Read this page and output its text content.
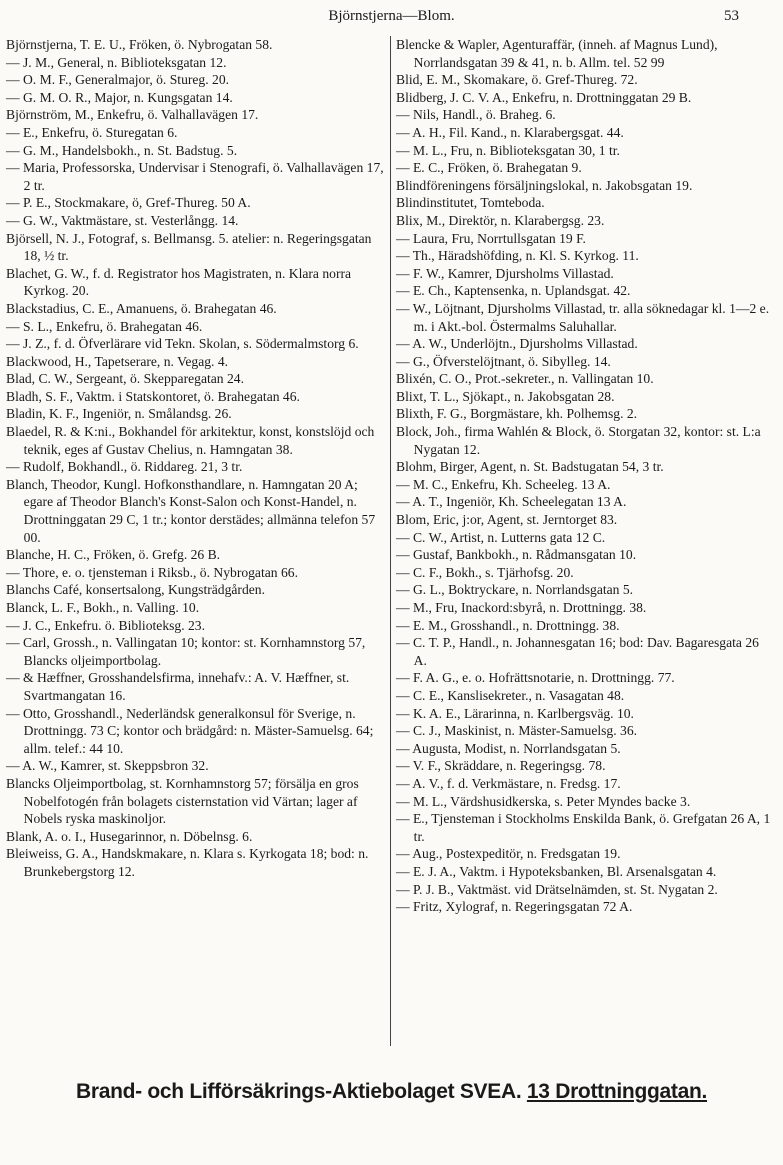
Björnstjerna—Blom.	53
Björnstjerna, T. E. U., Fröken, ö. Nybrogatan 58.
— J. M., General, n. Biblioteksgatan 12.
— O. M. F., Generalmajor, ö. Stureg. 20.
— G. M. O. R., Major, n. Kungsgatan 14.
Björnström, M., Enkefru, ö. Valhallavägen 17.
— E., Enkefru, ö. Sturegatan 6.
— G. M., Handelsbokh., n. St. Badstug. 5.
— Maria, Professorska, Undervisar i Stenografi, ö. Valhallavägen 17, 2 tr.
— P. E., Stockmakare, ö, Gref-Thureg. 50 A.
— G. W., Vaktmästare, st. Vesterlångg. 14.
Björsell, N. J., Fotograf, s. Bellmansg. 5. atelier: n. Regeringsgatan 18, ½ tr.
Blachet, G. W., f. d. Registrator hos Magistraten, n. Klara norra Kyrkog. 20.
Blackstadius, C. E., Amanuens, ö. Brahegatan 46.
— S. L., Enkefru, ö. Brahegatan 46.
— J. Z., f. d. Öfverlärare vid Tekn. Skolan, s. Södermalmstorg 6.
Blackwood, H., Tapetserare, n. Vegag. 4.
Blad, C. W., Sergeant, ö. Skepparegatan 24.
Bladh, S. F., Vaktm. i Statskontoret, ö. Brahegatan 46.
Bladin, K. F., Ingeniör, n. Smålandsg. 26.
Blaedel, R. & K:ni., Bokhandel för arkitektur, konst, konstslöjd och teknik, eges af Gustav Chelius, n. Hamngatan 38.
— Rudolf, Bokhandl., ö. Riddareg. 21, 3 tr.
Blanch, Theodor, Kungl. Hofkonsthandlare, n. Hamngatan 20 A; egare af Theodor Blanch's Konst-Salon och Konst-Handel, n. Drottninggatan 29 C, 1 tr.; kontor derstädes; allmänna telefon 57 00.
Blanche, H. C., Fröken, ö. Grefg. 26 B.
— Thore, e. o. tjensteman i Riksb., ö. Nybrogatan 66.
Blanchs Café, konsertsalong, Kungsträdgården.
Blanck, L. F., Bokh., n. Valling. 10.
— J. C., Enkefru. ö. Biblioteksg. 23.
— Carl, Grossh., n. Vallingatan 10; kontor: st. Kornhamnstorg 57, Blancks oljeimportbolag.
— & Hæffner, Grosshandelsfirma, innehafv.: A. V. Hæffner, st. Svartmangatan 16.
— Otto, Grosshandl., Nederländsk generalkonsul för Sverige, n. Drottningg. 73 C; kontor och brädgård: n. Mäster-Samuelsg. 64; allm. telef.: 44 10.
— A. W., Kamrer, st. Skeppsbron 32.
Blancks Oljeimportbolag, st. Kornhamnstorg 57; försälja en gros Nobelfotogén från bolagets cisternstation vid Värtan; lager af Nobels ryska maskinoljor.
Blank, A. o. I., Husegarinnor, n. Döbelnsg. 6.
Bleiweiss, G. A., Handskmakare, n. Klara s. Kyrkogata 18; bod: n. Brunkebergstorg 12.
Blencke & Wapler, Agenturaffär, (inneh. af Magnus Lund), Norrlandsgatan 39 & 41, n. b. Allm. tel. 52 99
Blid, E. M., Skomakare, ö. Gref-Thureg. 72.
Blidberg, J. C. V. A., Enkefru, n. Drottninggatan 29 B.
— Nils, Handl., ö. Braheg. 6.
— A. H., Fil. Kand., n. Klarabergsgat. 44.
— M. L., Fru, n. Biblioteksgatan 30, 1 tr.
— E. C., Fröken, ö. Brahegatan 9.
Blindföreningens försäljningslokal, n. Jakobsgatan 19.
Blindinstitutet, Tomteboda.
Blix, M., Direktör, n. Klarabergsg. 23.
— Laura, Fru, Norrtullsgatan 19 F.
— Th., Häradshöfding, n. Kl. S. Kyrkog. 11.
— F. W., Kamrer, Djursholms Villastad.
— E. Ch., Kaptensenka, n. Uplandsgat. 42.
— W., Löjtnant, Djursholms Villastad, tr. alla söknedagar kl. 1—2 e. m. i Akt.-bol. Östermalms Saluhallar.
— A. W., Underlöjtn., Djursholms Villastad.
— G., Öfverstelöjtnant, ö. Sibylleg. 14.
Blixén, C. O., Prot.-sekreter., n. Vallingatan 10.
Blixt, T. L., Sjökapt., n. Jakobsgatan 28.
Blixth, F. G., Borgmästare, kh. Polhemsg. 2.
Block, Joh., firma Wahlén & Block, ö. Storgatan 32, kontor: st. L:a Nygatan 12.
Blohm, Birger, Agent, n. St. Badstugatan 54, 3 tr.
— M. C., Enkefru, Kh. Scheeleg. 13 A.
— A. T., Ingeniör, Kh. Scheelegatan 13 A.
Blom, Eric, j:or, Agent, st. Jerntorget 83.
— C. W., Artist, n. Lutterns gata 12 C.
— Gustaf, Bankbokh., n. Rådmansgatan 10.
— C. F., Bokh., s. Tjärhofsg. 20.
— G. L., Boktryckare, n. Norrlandsgatan 5.
— M., Fru, Inackord:sbyrå, n. Drottningg. 38.
— E. M., Grosshandl., n. Drottningg. 38.
— C. T. P., Handl., n. Johannesgatan 16; bod: Dav. Bagaresgata 26 A.
— F. A. G., e. o. Hofrättsnotarie, n. Drottningg. 77.
— C. E., Kanslisekreter., n. Vasagatan 48.
— K. A. E., Lärarinna, n. Karlbergsväg. 10.
— C. J., Maskinist, n. Mäster-Samuelsg. 36.
— Augusta, Modist, n. Norrlandsgatan 5.
— V. F., Skräddare, n. Regeringsg. 78.
— A. V., f. d. Verkmästare, n. Fredsg. 17.
— M. L., Värdshusidkerska, s. Peter Myndes backe 3.
— E., Tjensteman i Stockholms Enskilda Bank, ö. Grefgatan 26 A, 1 tr.
— Aug., Postexpeditör, n. Fredsgatan 19.
— E. J. A., Vaktm. i Hypoteksbanken, Bl. Arsenalsgatan 4.
— P. J. B., Vaktmäst. vid Drätselnämden, st. St. Nygatan 2.
— Fritz, Xylograf, n. Regeringsgatan 72 A.
Brand- och Lifförsäkrings-Aktiebolaget SVEA. 13 Drottninggatan.
